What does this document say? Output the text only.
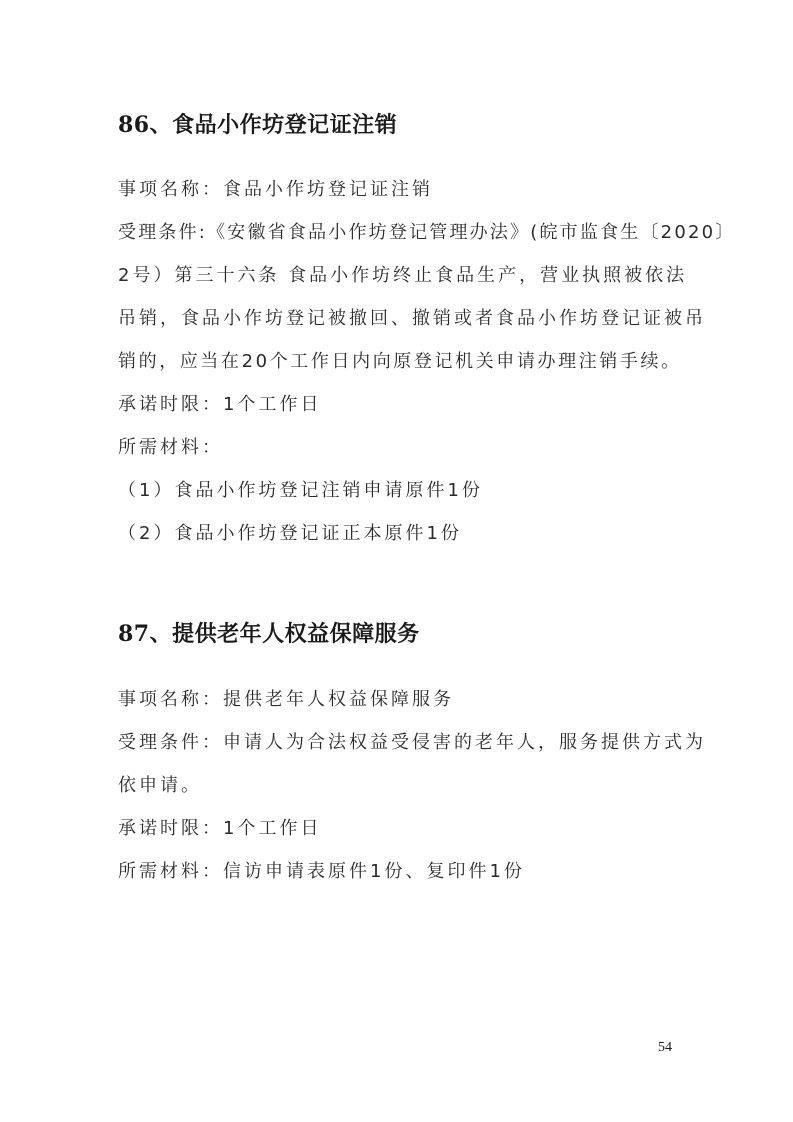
86、食品小作坊登记证注销
事项名称：食品小作坊登记证注销
受理条件:《安徽省食品小作坊登记管理办法》(皖市监食生〔2020〕
2号）第三十六条 食品小作坊终止食品生产，营业执照被依法
吊销，食品小作坊登记被撤回、撤销或者食品小作坊登记证被吊
销的，应当在20个工作日内向原登记机关申请办理注销手续。
承诺时限：1个工作日
所需材料：
（1）食品小作坊登记注销申请原件1份
（2）食品小作坊登记证正本原件1份
87、提供老年人权益保障服务
事项名称：提供老年人权益保障服务
受理条件：申请人为合法权益受侵害的老年人，服务提供方式为
依申请。
承诺时限：1个工作日
所需材料：信访申请表原件1份、复印件1份
54
